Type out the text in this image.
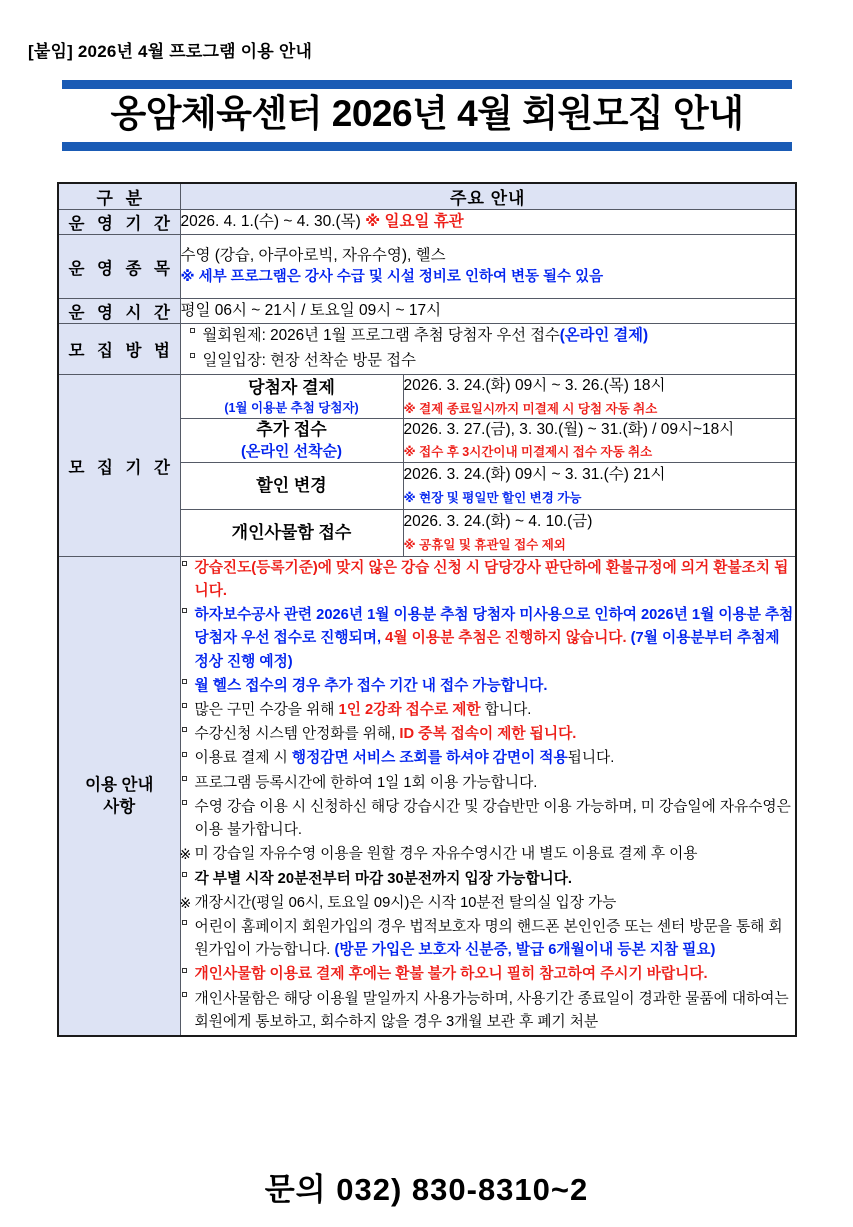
[붙임] 2026년 4월 프로그램 이용 안내
옹암체육센터 2026년 4월 회원모집 안내
구 분	주요 안내	
운 영 기 간	2026. 4. 1.(수) ~ 4. 30.(목) ※ 일요일 휴관	
운 영 종 목	수영 (강습, 아쿠아로빅, 자유수영), 헬스
※ 세부 프로그램은 강사 수급 및 시설 정비로 인하여 변동 될수 있음	

운 영 시 간	평일 06시 ~ 21시 / 토요일 09시 ~ 17시	
모 집 방 법	월회원제: 2026년 1월 프로그램 추첨 당첨자 우선 접수(온라인 결제)
일일입장: 현장 선착순 방문 접수	

모 집 기 간	당첨자 결제
(1월 이용분 추첨 당첨자)	2026. 3. 24.(화) 09시 ~ 3. 26.(목) 18시
※ 결제 종료일시까지 미결제 시 당첨 자동 취소

	추가 접수
(온라인 선착순)	2026. 3. 27.(금), 3. 30.(월) ~ 31.(화) / 09시~18시
※ 접수 후 3시간이내 미결제시 접수 자동 취소

	할인 변경	2026. 3. 24.(화) 09시 ~ 3. 31.(수) 21시
※ 현장 및 평일만 할인 변경 가능

	개인사물함 접수	2026. 3. 24.(화) ~ 4. 10.(금)
※ 공휴일 및 휴관일 접수 제외

이용 안내
사항

강습진도(등록기준)에 맞지 않은 강습 신청 시 담당강사 판단하에 환불규정에 의거 환불조치 됩니다.
하자보수공사 관련 2026년 1월 이용분 추첨 당첨자 미사용으로 인하여 2026년 1월 이용분 추첨 당첨자 우선 접수로 진행되며, 4월 이용분 추첨은 진행하지 않습니다. (7월 이용분부터 추첨제 정상 진행 예정)
월 헬스 접수의 경우 추가 접수 기간 내 접수 가능합니다.
많은 구민 수강을 위해 1인 2강좌 접수로 제한 합니다.
수강신청 시스템 안정화를 위해, ID 중복 접속이 제한 됩니다.
이용료 결제 시 행정감면 서비스 조회를 하셔야 감면이 적용됩니다.
프로그램 등록시간에 한하여 1일 1회 이용 가능합니다.
수영 강습 이용 시 신청하신 해당 강습시간 및 강습반만 이용 가능하며, 미 강습일에 자유수영은 이용 불가합니다.
※ 미 강습일 자유수영 이용을 원할 경우 자유수영시간 내 별도 이용료 결제 후 이용
각 부별 시작 20분전부터 마감 30분전까지 입장 가능합니다.
※ 개장시간(평일 06시, 토요일 09시)은 시작 10분전 탈의실 입장 가능
어린이 홈페이지 회원가입의 경우 법적보호자 명의 핸드폰 본인인증 또는 센터 방문을 통해 회원가입이 가능합니다. (방문 가입은 보호자 신분증, 발급 6개월이내 등본 지참 필요)
개인사물함 이용료 결제 후에는 환불 불가 하오니 필히 참고하여 주시기 바랍니다.
개인사물함은 해당 이용월 말일까지 사용가능하며, 사용기간 종료일이 경과한 물품에 대하여는 회원에게 통보하고, 회수하지 않을 경우 3개월 보관 후 폐기 처분
문의 032) 830-8310~2
